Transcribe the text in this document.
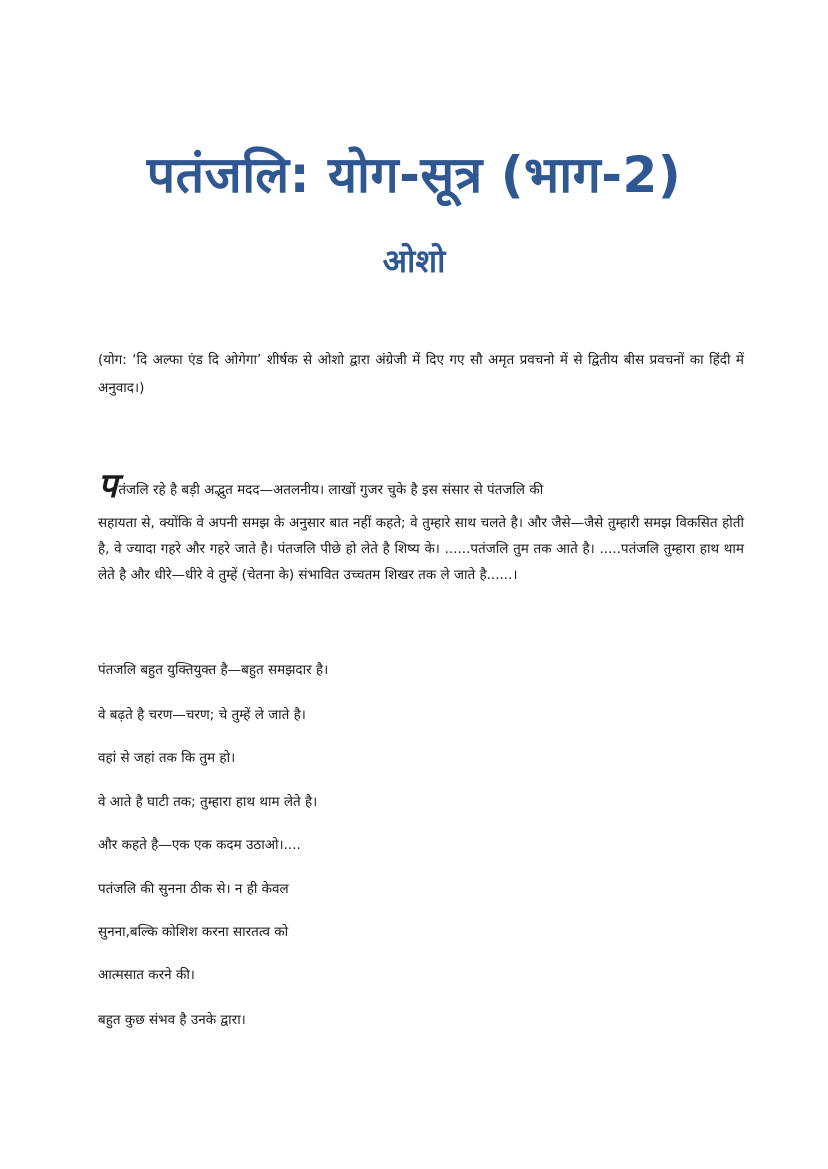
पतंजलि: योग-सूत्र (भाग-2)
ओशो
(योग: ‘दि अल्फा एंड दि ओगेगा’ शीर्षक से ओशो द्वारा अंग्रेजी में दिए गए सौ अमृत प्रवचनो में से द्वितीय बीस प्रवचनों का हिंदी में अनुवाद।)
पतंजलि रहे है बड़ी अद्भुत मदद—अतलनीय। लाखों गुजर चुके है इस संसार से पंतजलि की
सहायता से, क्योंकि वे अपनी समझ के अनुसार बात नहीं कहते; वे तुम्हारे साथ चलते है। और जैसे—जैसे तुम्हारी समझ विकसित होती है, वे ज्यादा गहरे और गहरे जाते है। पंतजलि पीछे हो लेते है शिष्य के। ......पतंजलि तुम तक आते है। .....पतंजलि तुम्हारा हाथ थाम लेते है और धीरे—धीरे वे तुम्हें (चेतना के) संभावित उच्चतम शिखर तक ले जाते है......।
पंतजलि बहुत युक्तियुक्त है—बहुत समझदार है।
वे बढ़ते है चरण—चरण; चे तुम्हें ले जाते है।
वहां से जहां तक कि तुम हो।
वे आते है घाटी तक; तुम्हारा हाथ थाम लेते है।
और कहते है—एक एक कदम उठाओ।....
पतंजलि की सुनना ठीक से। न ही केवल
सुनना,बल्कि कोशिश करना सारतत्व को
आत्मसात करने की।
बहुत कुछ संभव है उनके द्वारा।
